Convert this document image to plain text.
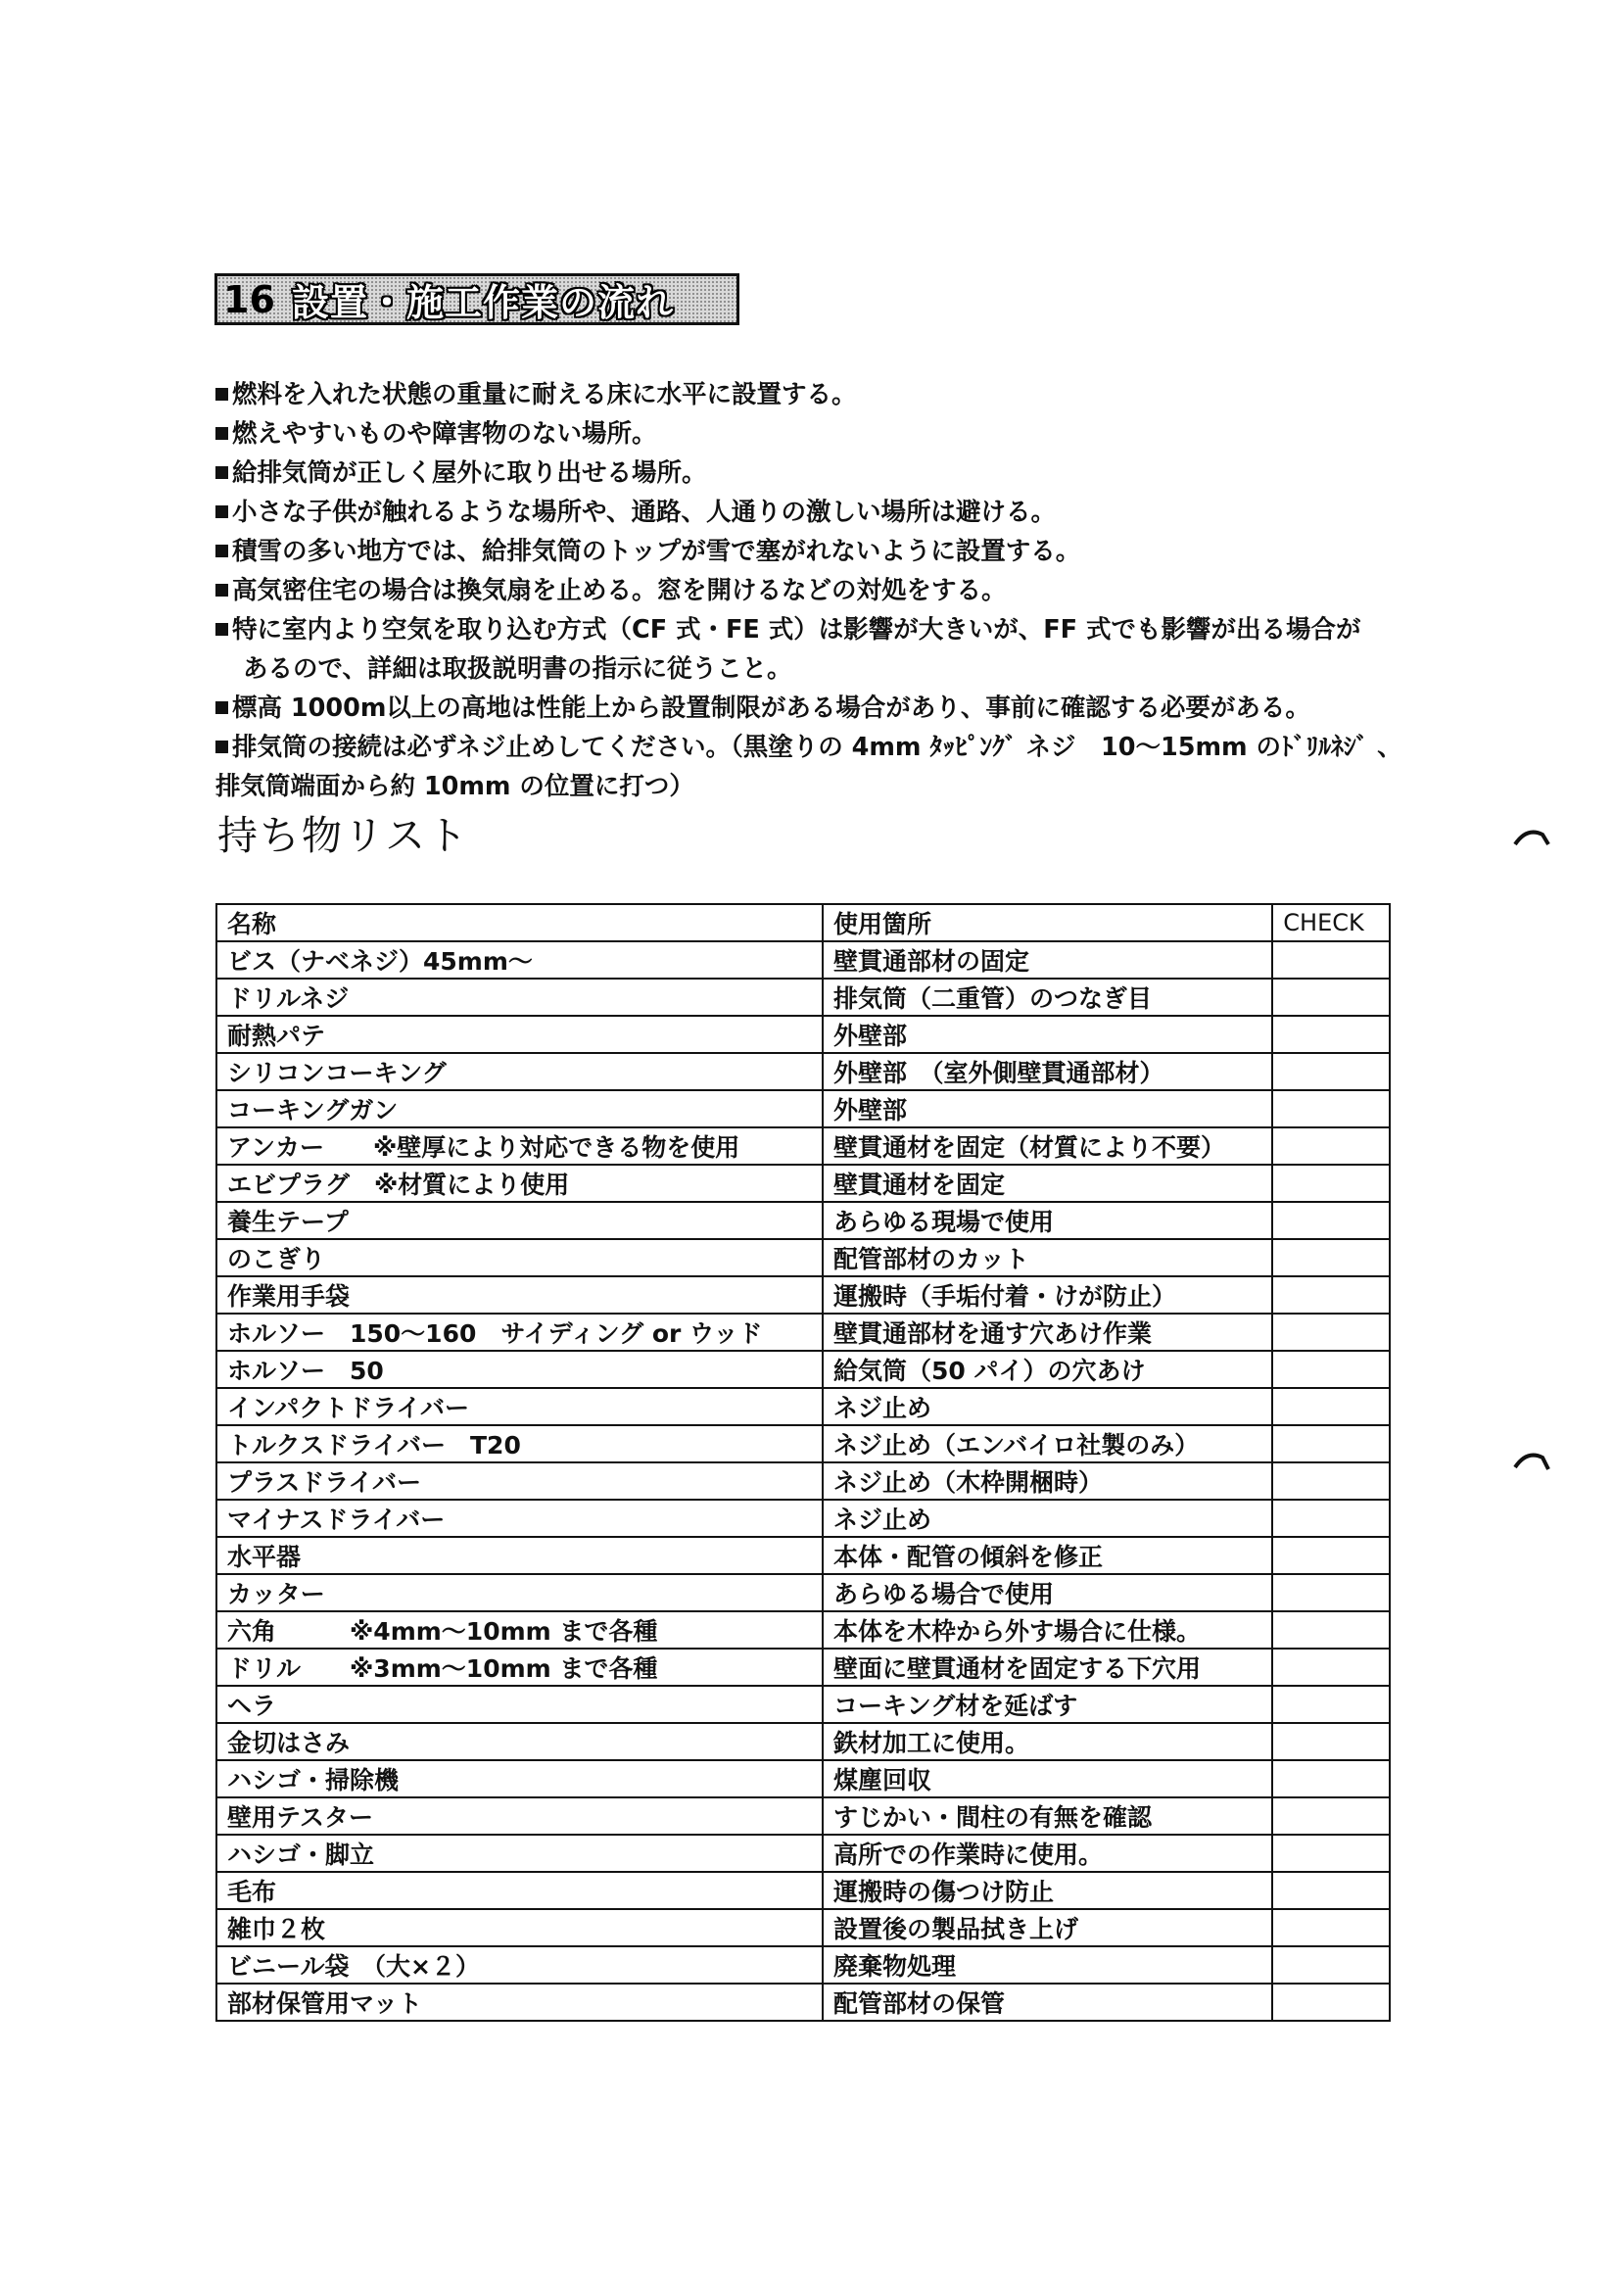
16 設置・施工作業の流れ
燃料を入れた状態の重量に耐える床に水平に設置する。
燃えやすいものや障害物のない場所。
給排気筒が正しく屋外に取り出せる場所。
小さな子供が触れるような場所や、通路、人通りの激しい場所は避ける。
積雪の多い地方では、給排気筒のトップが雪で塞がれないように設置する。
高気密住宅の場合は換気扇を止める。窓を開けるなどの対処をする。
特に室内より空気を取り込む方式（CF 式・FE 式）は影響が大きいが、FF 式でも影響が出る場合が
あるので、詳細は取扱説明書の指示に従うこと。
標高 1000m以上の高地は性能上から設置制限がある場合があり、事前に確認する必要がある。
排気筒の接続は必ずネジ止めしてください。（黒塗りの 4mm ﾀｯﾋﾟﾝｸﾞ ネジ　10～15mm のﾄﾞﾘﾙﾈｼﾞ 、
排気筒端面から約 10mm の位置に打つ）
持ち物リスト
名称	使用箇所	CHECK
ビス（ナベネジ）45mm～	壁貫通部材の固定	
ドリルネジ	排気筒（二重管）のつなぎ目	
耐熱パテ	外壁部	
シリコンコーキング	外壁部　（室外側壁貫通部材）	
コーキングガン	外壁部	
アンカー　　※壁厚により対応できる物を使用	壁貫通材を固定（材質により不要）	
エビプラグ　※材質により使用	壁貫通材を固定	
養生テープ	あらゆる現場で使用	
のこぎり	配管部材のカット	
作業用手袋	運搬時（手垢付着・けが防止）	
ホルソー　150～160　サイディング or ウッド	壁貫通部材を通す穴あけ作業	
ホルソー　50	給気筒（50 パイ）の穴あけ	
インパクトドライバー	ネジ止め	
トルクスドライバー　T20	ネジ止め（エンバイロ社製のみ）	
プラスドライバー	ネジ止め（木枠開梱時）	
マイナスドライバー	ネジ止め	
水平器	本体・配管の傾斜を修正	
カッター	あらゆる場合で使用	
六角　　　※4mm～10mm まで各種	本体を木枠から外す場合に仕様。	
ドリル　　※3mm～10mm まで各種	壁面に壁貫通材を固定する下穴用	
ヘラ	コーキング材を延ばす	
金切はさみ	鉄材加工に使用。	
ハシゴ・掃除機	煤塵回収	
壁用テスター	すじかい・間柱の有無を確認	
ハシゴ・脚立	高所での作業時に使用。	
毛布	運搬時の傷つけ防止	
雑巾２枚	設置後の製品拭き上げ	
ビニール袋　（大×２）	廃棄物処理	
部材保管用マット	配管部材の保管	
